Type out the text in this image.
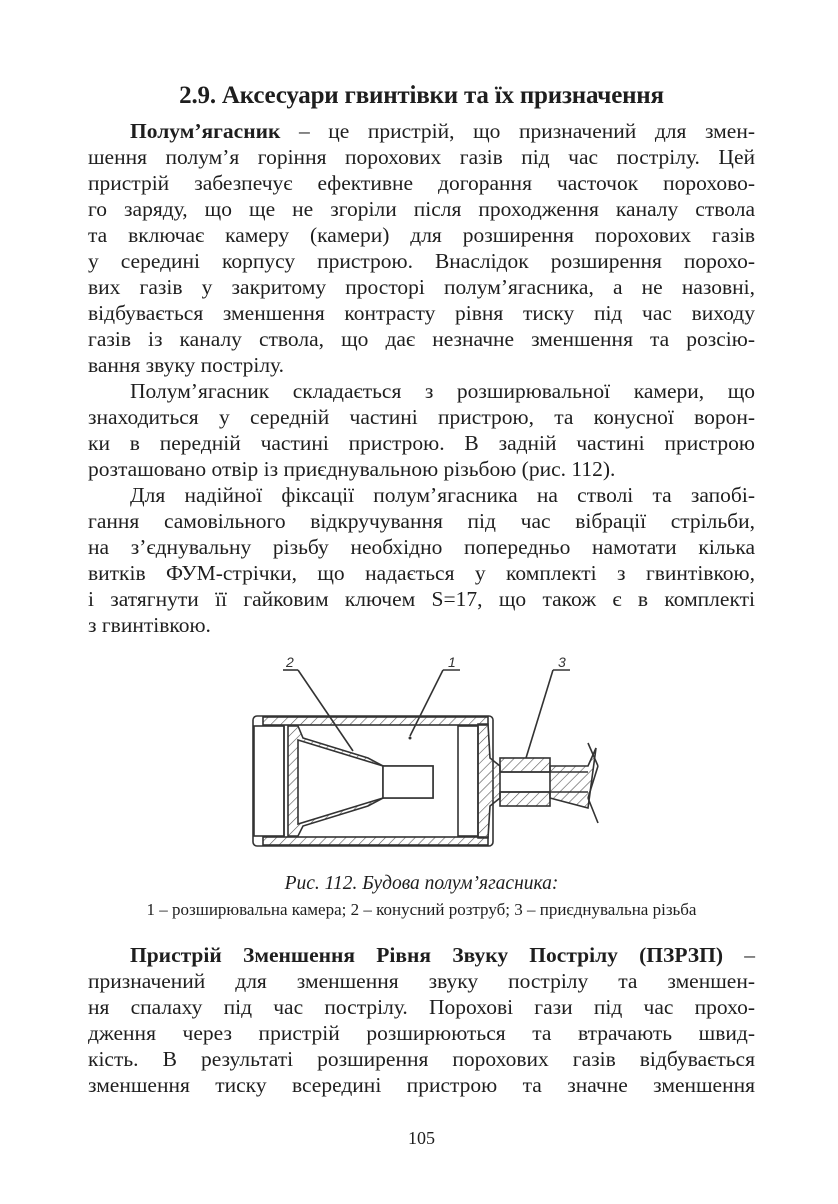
2.9. Аксесуари гвинтівки та їх призначення
Полум’ягасник – це пристрій, що призначений для змен-
шення полум’я горіння порохових газів під час пострілу. Цей
пристрій забезпечує ефективне догорання часточок порохово-
го заряду, що ще не згоріли після проходження каналу ствола
та включає камеру (камери) для розширення порохових газів
у середині корпусу пристрою. Внаслідок розширення порохо-
вих газів у закритому просторі полум’ягасника, а не назовні,
відбувається зменшення контрасту рівня тиску під час виходу
газів із каналу ствола, що дає незначне зменшення та розсію-
вання звуку пострілу.
Полум’ягасник складається з розширювальної камери, що
знаходиться у середній частині пристрою, та конусної ворон-
ки в передній частині пристрою. В задній частині пристрою
розташовано отвір із приєднувальною різьбою (рис. 112).
Для надійної фіксації полум’ягасника на стволі та запобі-
гання самовільного відкручування під час вібрації стрільби,
на з’єднувальну різьбу необхідно попередньо намотати кілька
витків ФУМ-стрічки, що надається у комплекті з гвинтівкою,
і затягнути її гайковим ключем S=17, що також є в комплекті
з гвинтівкою.
2	1	3
Рис. 112. Будова полум’ягасника:
1 – розширювальна камера; 2 – конусний розтруб; 3 – приєднувальна різьба
Пристрій Зменшення Рівня Звуку Пострілу (ПЗРЗП) –
призначений для зменшення звуку пострілу та зменшен-
ня спалаху під час пострілу. Порохові гази під час прохо-
дження через пристрій розширюються та втрачають швид-
кість. В результаті розширення порохових газів відбувається
зменшення тиску всередині пристрою та значне зменшення
105
